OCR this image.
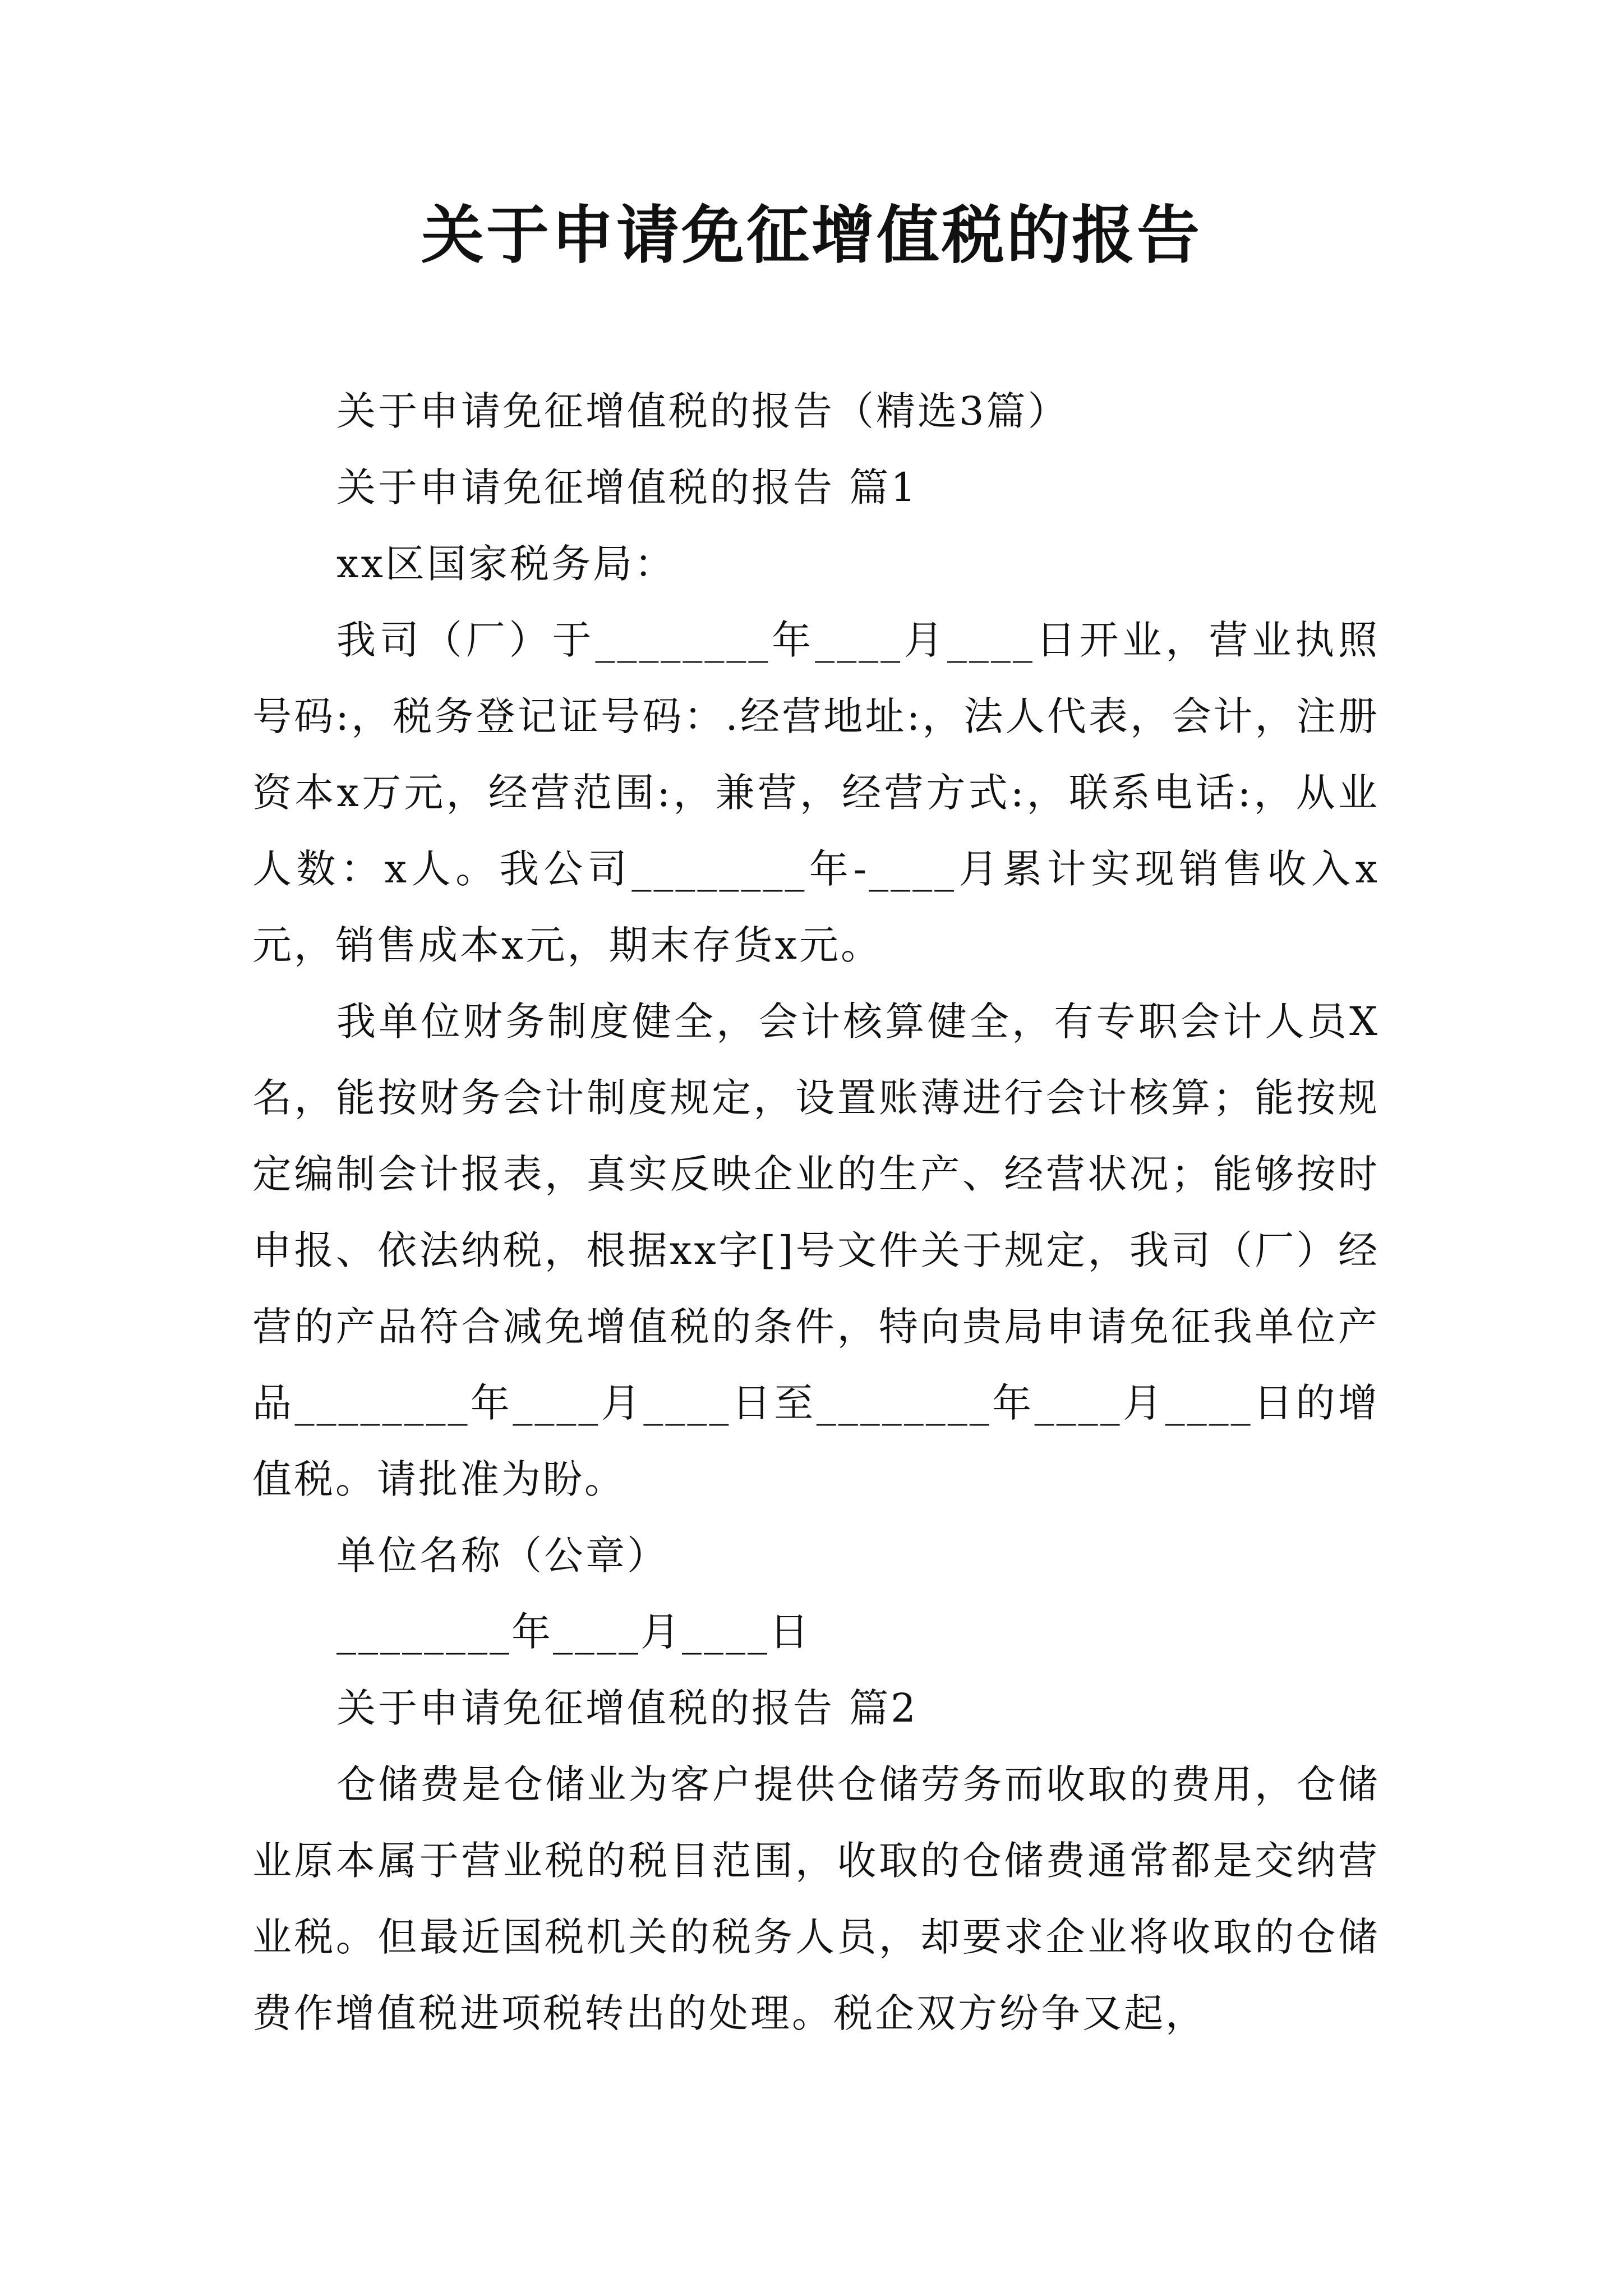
关于申请免征增值税的报告

关于申请免征增值税的报告（精选3篇）

关于申请免征增值税的报告 篇1

xx区国家税务局：

我司（厂）于________年____月____日开业，营业执照号码:，税务登记证号码：.经营地址:，法人代表，会计，注册资本x万元，经营范围:，兼营，经营方式:，联系电话:，从业人数：x人。我公司________年-____月累计实现销售收入x元，销售成本x元，期末存货x元。

我单位财务制度健全，会计核算健全，有专职会计人员X名，能按财务会计制度规定，设置账薄进行会计核算；能按规定编制会计报表，真实反映企业的生产、经营状况；能够按时申报、依法纳税，根据xx字[]号文件关于规定，我司（厂）经营的产品符合减免增值税的条件，特向贵局申请免征我单位产品________年____月____日至________年____月____日的增值税。请批准为盼。

单位名称（公章）

________年____月____日

关于申请免征增值税的报告 篇2

仓储费是仓储业为客户提供仓储劳务而收取的费用，仓储业原本属于营业税的税目范围，收取的仓储费通常都是交纳营业税。但最近国税机关的税务人员，却要求企业将收取的仓储费作增值税进项税转出的处理。税企双方纷争又起，
